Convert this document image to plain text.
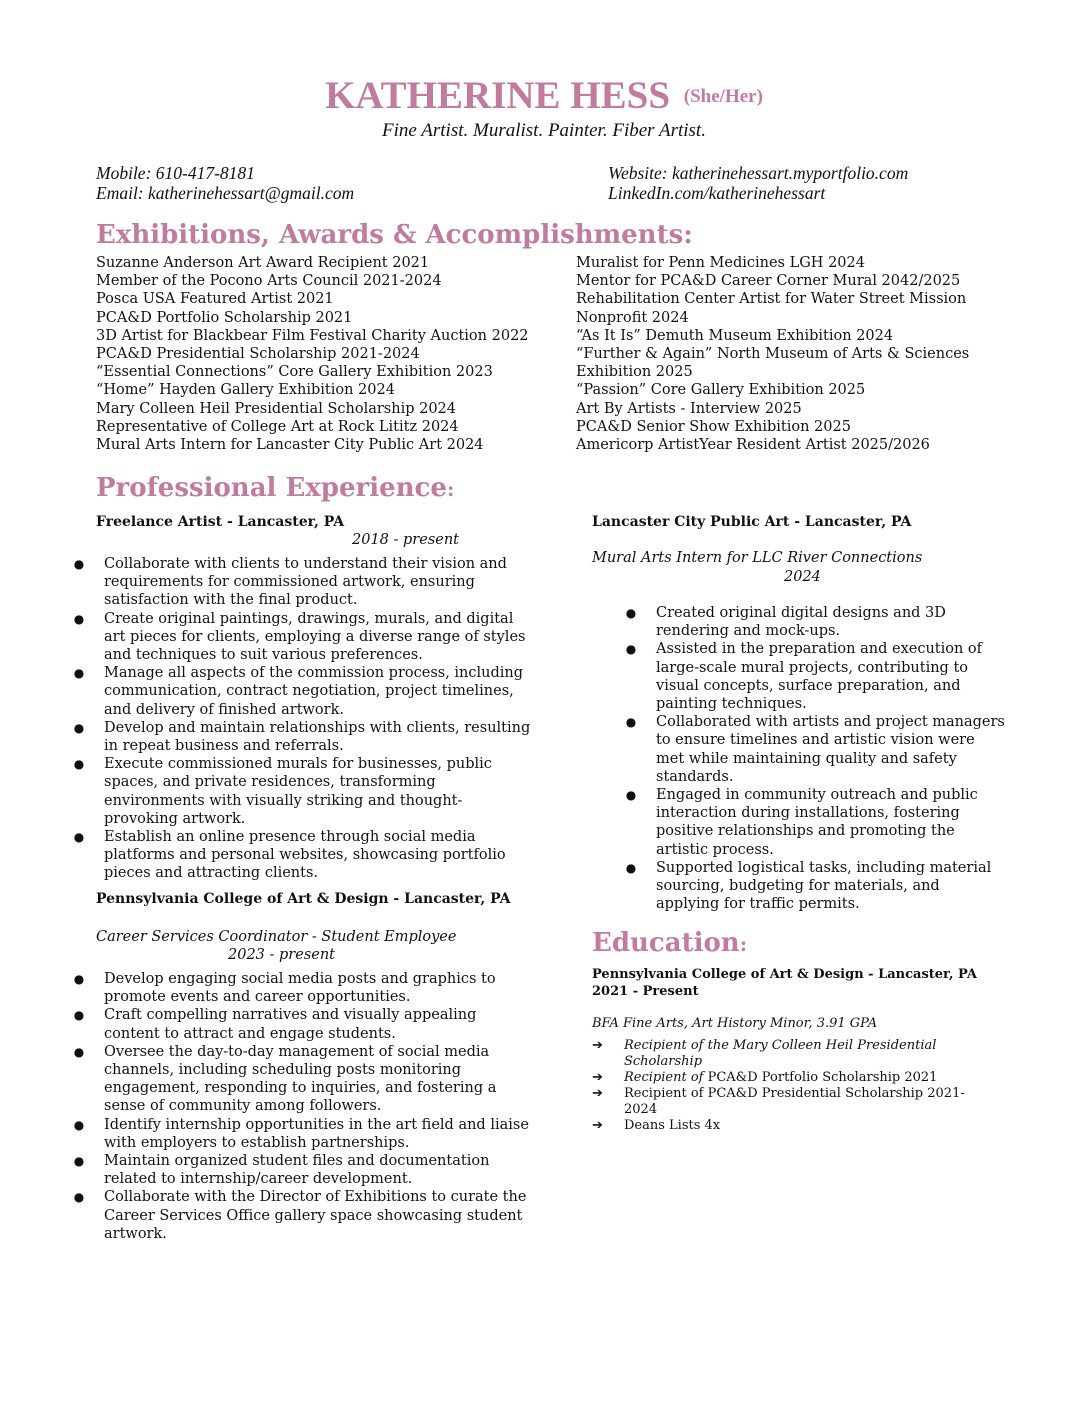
KATHERINE HESS (She/Her)
Fine Artist. Muralist. Painter. Fiber Artist.
Mobile: 610-417-8181
Email: katherinehessart@gmail.com
Website: katherinehessart.myportfolio.com
LinkedIn.com/katherinehessart
Exhibitions, Awards & Accomplishments:
Suzanne Anderson Art Award Recipient 2021
Member of the Pocono Arts Council 2021-2024
Posca USA Featured Artist 2021
PCA&D Portfolio Scholarship 2021
3D Artist for Blackbear Film Festival Charity Auction 2022
PCA&D Presidential Scholarship 2021-2024
“Essential Connections” Core Gallery Exhibition 2023
“Home” Hayden Gallery Exhibition 2024
Mary Colleen Heil Presidential Scholarship 2024
Representative of College Art at Rock Lititz 2024
Mural Arts Intern for Lancaster City Public Art 2024
Muralist for Penn Medicines LGH 2024
Mentor for PCA&D Career Corner Mural 2042/2025
Rehabilitation Center Artist for Water Street Mission
Nonprofit 2024
“As It Is” Demuth Museum Exhibition 2024
“Further & Again” North Museum of Arts & Sciences
Exhibition 2025
“Passion” Core Gallery Exhibition 2025
Art By Artists - Interview 2025
PCA&D Senior Show Exhibition 2025
Americorp ArtistYear Resident Artist 2025/2026
Professional Experience:
Freelance Artist - Lancaster, PA
2018 - present
● Collaborate with clients to understand their vision and requirements for commissioned artwork, ensuring satisfaction with the final product.
● Create original paintings, drawings, murals, and digital art pieces for clients, employing a diverse range of styles and techniques to suit various preferences.
● Manage all aspects of the commission process, including communication, contract negotiation, project timelines, and delivery of finished artwork.
● Develop and maintain relationships with clients, resulting in repeat business and referrals.
● Execute commissioned murals for businesses, public spaces, and private residences, transforming environments with visually striking and thought-provoking artwork.
● Establish an online presence through social media platforms and personal websites, showcasing portfolio pieces and attracting clients.
Pennsylvania College of Art & Design - Lancaster, PA
Career Services Coordinator - Student Employee
2023 - present
● Develop engaging social media posts and graphics to promote events and career opportunities.
● Craft compelling narratives and visually appealing content to attract and engage students.
● Oversee the day-to-day management of social media channels, including scheduling posts monitoring engagement, responding to inquiries, and fostering a sense of community among followers.
● Identify internship opportunities in the art field and liaise with employers to establish partnerships.
● Maintain organized student files and documentation related to internship/career development.
● Collaborate with the Director of Exhibitions to curate the Career Services Office gallery space showcasing student artwork.
Lancaster City Public Art - Lancaster, PA
Mural Arts Intern for LLC River Connections
2024
● Created original digital designs and 3D rendering and mock-ups.
● Assisted in the preparation and execution of large-scale mural projects, contributing to visual concepts, surface preparation, and painting techniques.
● Collaborated with artists and project managers to ensure timelines and artistic vision were met while maintaining quality and safety standards.
● Engaged in community outreach and public interaction during installations, fostering positive relationships and promoting the artistic process.
● Supported logistical tasks, including material sourcing, budgeting for materials, and applying for traffic permits.
Education:
Pennsylvania College of Art & Design - Lancaster, PA
2021 - Present
BFA Fine Arts, Art History Minor, 3.91 GPA
➔ Recipient of the Mary Colleen Heil Presidential Scholarship
➔ Recipient of PCA&D Portfolio Scholarship 2021
➔ Recipient of PCA&D Presidential Scholarship 2021-2024
➔ Deans Lists 4x
